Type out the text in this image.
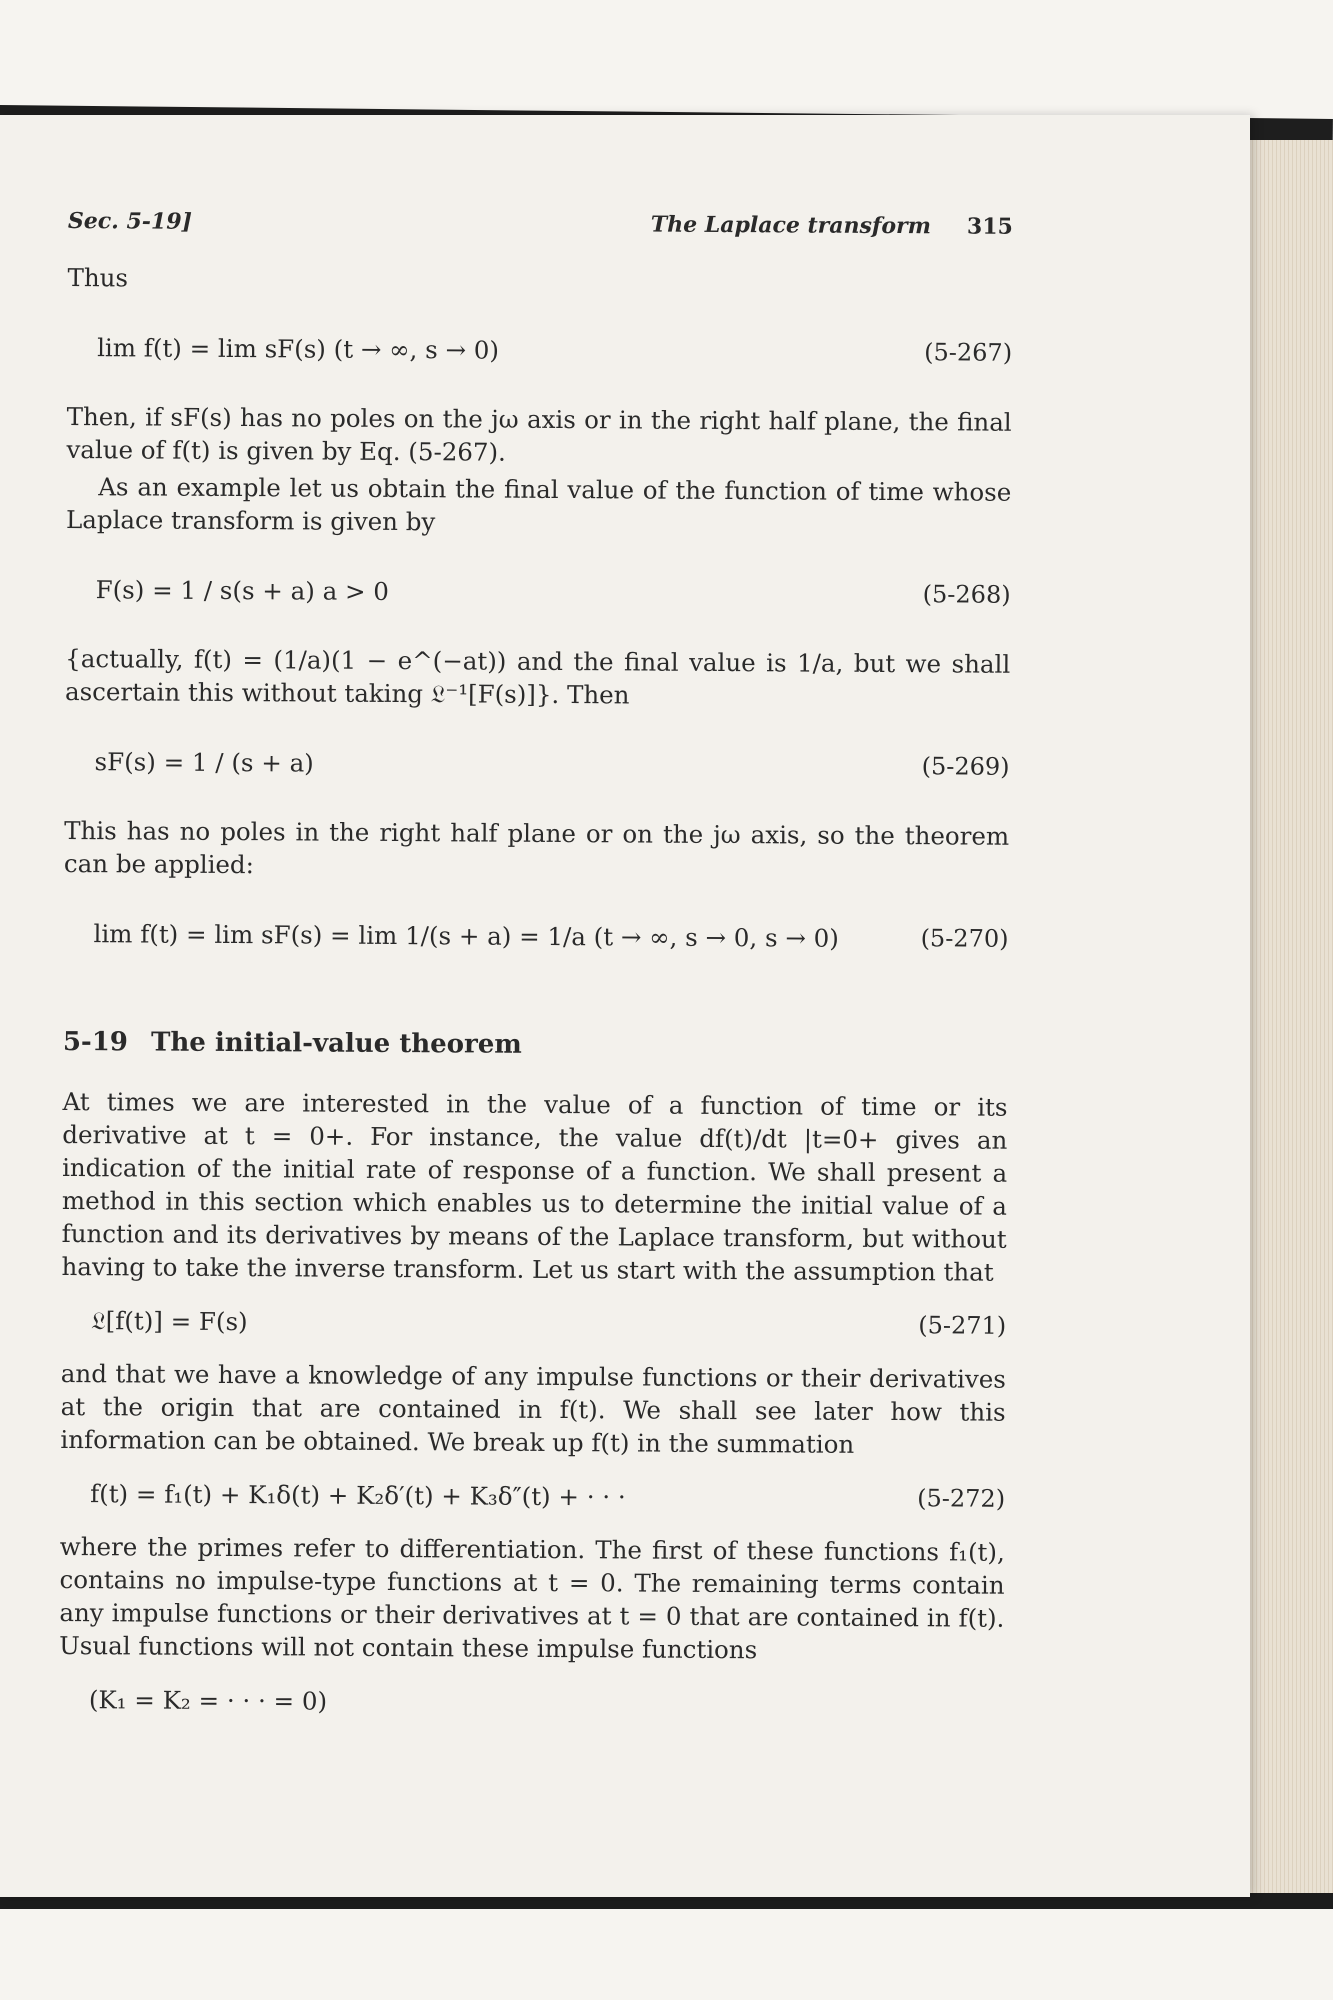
Sec. 5-19]	The Laplace transform 315
Thus
lim f(t) = lim sF(s) (t → ∞, s → 0)	(5-267)
Then, if sF(s) has no poles on the jω axis or in the right half plane, the final value of f(t) is given by Eq. (5-267).
As an example let us obtain the final value of the function of time whose Laplace transform is given by
F(s) = 1 / s(s + a) a > 0	(5-268)
{actually, f(t) = (1/a)(1 − e^(−at)) and the final value is 1/a, but we shall ascertain this without taking 𝔏⁻¹[F(s)]}. Then
sF(s) = 1 / (s + a)	(5-269)
This has no poles in the right half plane or on the jω axis, so the theorem can be applied:
lim f(t) = lim sF(s) = lim 1/(s + a) = 1/a (t → ∞, s → 0, s → 0)	(5-270)
5-19 The initial-value theorem
At times we are interested in the value of a function of time or its derivative at t = 0+. For instance, the value df(t)/dt |t=0+ gives an indication of the initial rate of response of a function. We shall present a method in this section which enables us to determine the initial value of a function and its derivatives by means of the Laplace transform, but without having to take the inverse transform. Let us start with the assumption that
𝔏[f(t)] = F(s)	(5-271)
and that we have a knowledge of any impulse functions or their derivatives at the origin that are contained in f(t). We shall see later how this information can be obtained. We break up f(t) in the summation
f(t) = f₁(t) + K₁δ(t) + K₂δ′(t) + K₃δ″(t) + · · ·	(5-272)
where the primes refer to differentiation. The first of these functions f₁(t), contains no impulse-type functions at t = 0. The remaining terms contain any impulse functions or their derivatives at t = 0 that are contained in f(t). Usual functions will not contain these impulse functions
(K₁ = K₂ = · · · = 0)
